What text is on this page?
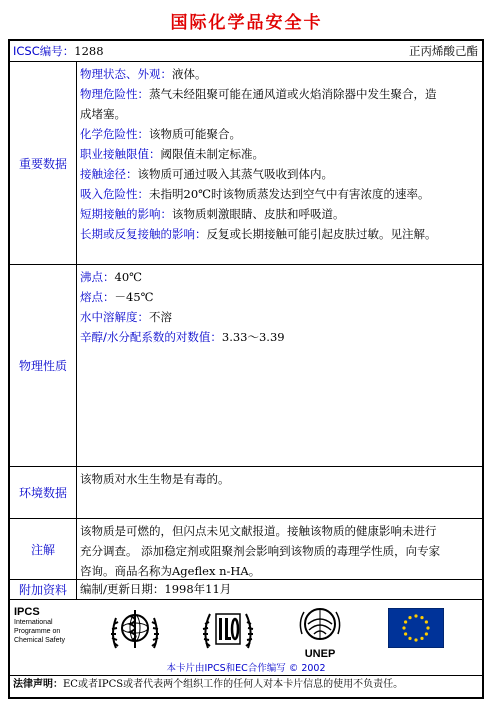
国际化学品安全卡
ICSC编号：1288	正丙烯酸己酯
重要数据
物理状态、外观：液体。
物理危险性：蒸气未经阻聚可能在通风道或火焰消除器中发生聚合，造
成堵塞。
化学危险性：该物质可能聚合。
职业接触限值：阈限值未制定标准。
接触途径：该物质可通过吸入其蒸气吸收到体内。
吸入危险性：未指明20℃时该物质蒸发达到空气中有害浓度的速率。
短期接触的影响：该物质刺激眼睛、皮肤和呼吸道。
长期或反复接触的影响：反复或长期接触可能引起皮肤过敏。见注解。
物理性质
沸点：40℃
熔点：－45℃
水中溶解度：不溶
辛醇/水分配系数的对数值：3.33～3.39
环境数据
该物质对水生生物是有毒的。
注解
该物质是可燃的，但闪点未见文献报道。接触该物质的健康影响未进行
充分调查。 添加稳定剂或阻聚剂会影响到该物质的毒理学性质，向专家
咨询。商品名称为Ageflex n-HA。
附加资料	编制/更新日期：1998年11月
IPCS
International
Programme on
Chemical Safety
UNEP
本卡片由IPCS和EC合作编写 © 2002
法律声明：EC或者IPCS或者代表两个组织工作的任何人对本卡片信息的使用不负责任。
